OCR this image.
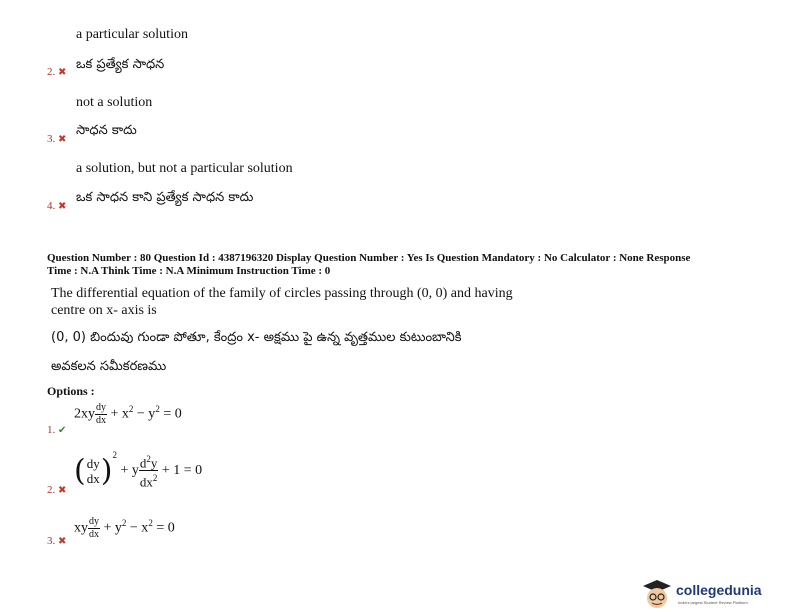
a particular solution
2. ✖
ఒక ప్రత్యేక సాధన
not a solution
సాధన కాదు
3. ✖
a solution, but not a particular solution
ఒక సాధన కాని ప్రత్యేక సాధన కాదు
4. ✖
Question Number : 80 Question Id : 4387196320 Display Question Number : Yes Is Question Mandatory : No Calculator : None Response
Time : N.A Think Time : N.A Minimum Instruction Time : 0
The differential equation of the family of circles passing through (0, 0) and having
centre on x- axis is
(0, 0) బిందువు గుండా పోతూ, కేంద్రం x- అక్షము పై ఉన్న వృత్తముల కుటుంబానికి
అవకలన సమీకరణము
Options :
1. ✔
$2xy \frac{dy}{dx} + x^2 - y^2 = 0$
2. ✖
( dy
dx )$^2$ + y $\frac{d^2y}{dx^2} + 1 = 0$
3. ✖
xy $\frac{dy}{dx} + y^2 - x^2 = 0$
collegedunia
India's largest Student Review Platform
